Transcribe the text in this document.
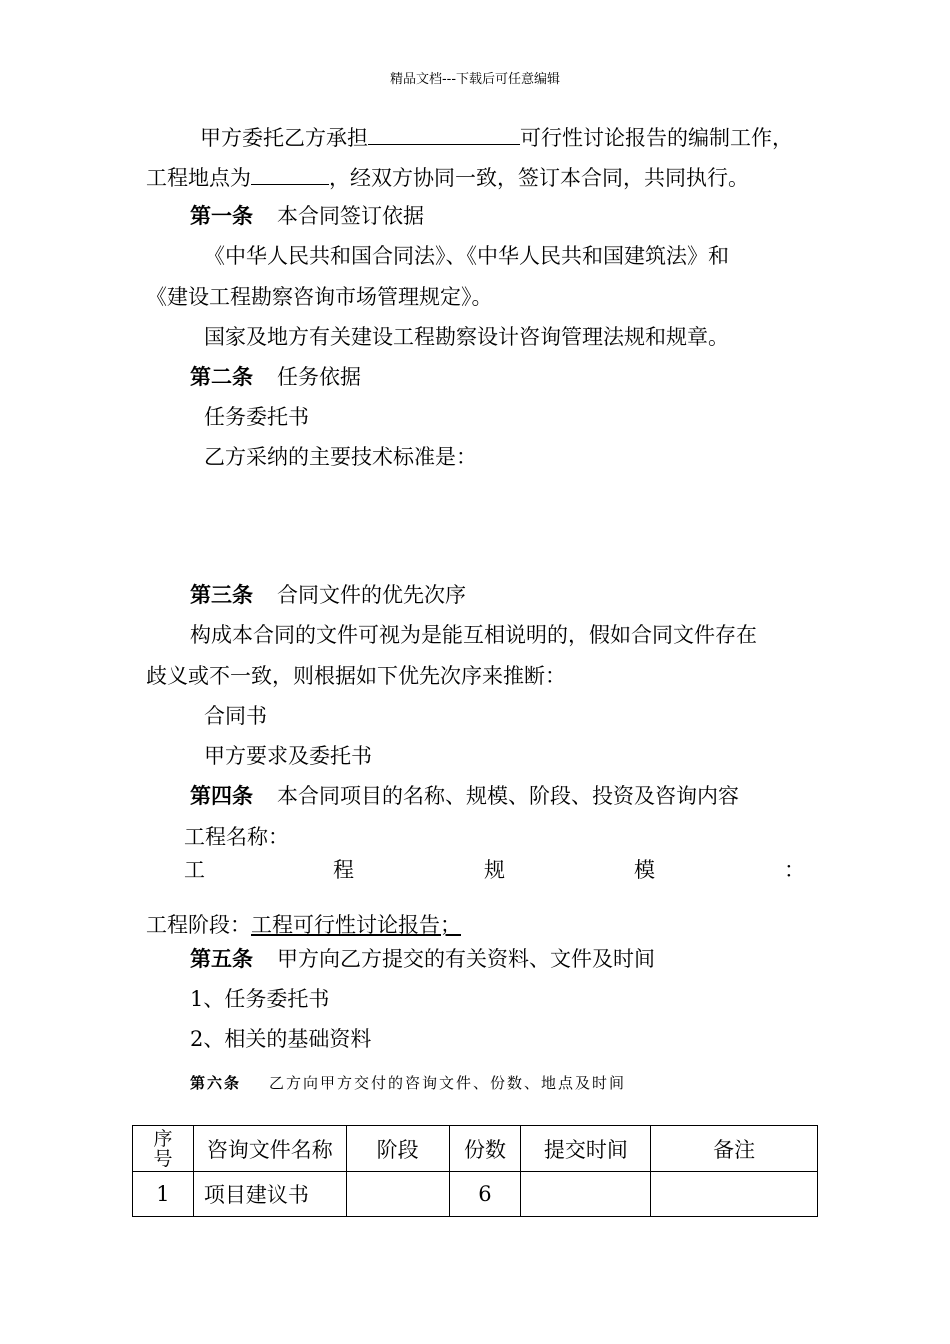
精品文档---下载后可任意编辑
甲方委托乙方承担	可行性讨论报告的编制工作，
工程地点为	，经双方协同一致，签订本合同，共同执行。
第一条 本合同签订依据
《中华人民共和国合同法》、《中华人民共和国建筑法》和
《建设工程勘察咨询市场管理规定》。
国家及地方有关建设工程勘察设计咨询管理法规和规章。
第二条 任务依据
任务委托书
乙方采纳的主要技术标准是：
第三条 合同文件的优先次序
构成本合同的文件可视为是能互相说明的，假如合同文件存在
歧义或不一致，则根据如下优先次序来推断：
合同书
甲方要求及委托书
第四条 本合同项目的名称、规模、阶段、投资及咨询内容
工程名称：
工	程	规	模	：
工程阶段：工程可行性讨论报告；
第五条 甲方向乙方提交的有关资料、文件及时间
1、任务委托书
2、相关的基础资料
第六条 乙方向甲方交付的咨询文件、份数、地点及时间
序
号	咨询文件名称	阶段	份数	提交时间	备注
1	项目建议书		6		
